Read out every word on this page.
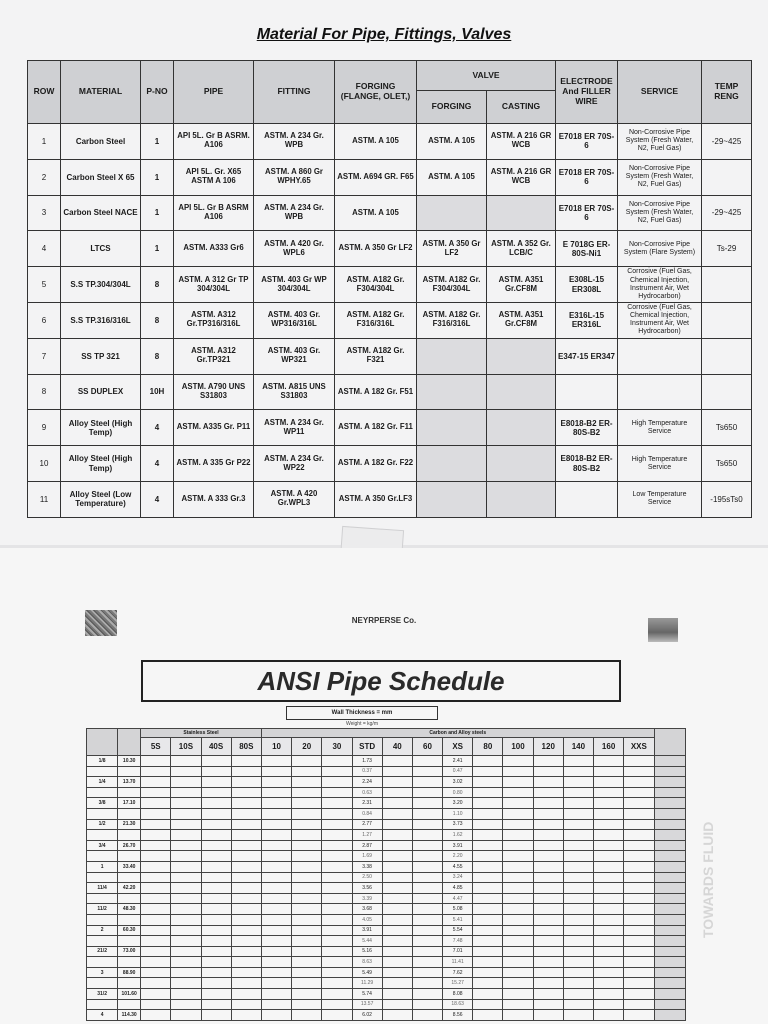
Material For Pipe, Fittings, Valves
ROW	MATERIAL	P-NO	PIPE	FITTING	FORGING (FLANGE, OLET,)	VALVE		ELECTRODE And FILLER WIRE	SERVICE	TEMP RENG
						FORGING	CASTING			
1	Carbon Steel	1	API 5L. Gr B ASRM. A106	ASTM. A 234 Gr. WPB	ASTM. A 105	ASTM. A 105	ASTM. A 216 GR WCB	E7018 ER 70S-6	Non-Corrosive Pipe System (Fresh Water, N2, Fuel Gas)	-29~425
2	Carbon Steel X 65	1	API 5L. Gr. X65 ASTM A 106	ASTM. A 860 Gr WPHY.65	ASTM. A694 GR. F65	ASTM. A 105	ASTM. A 216 GR WCB	E7018 ER 70S-6	Non-Corrosive Pipe System (Fresh Water, N2, Fuel Gas)	
3	Carbon Steel NACE	1	API 5L. Gr B ASRM A106	ASTM. A 234 Gr. WPB	ASTM. A 105			E7018 ER 70S-6	Non-Corrosive Pipe System (Fresh Water, N2, Fuel Gas)	-29~425
4	LTCS	1	ASTM. A333 Gr6	ASTM. A 420 Gr. WPL6	ASTM. A 350 Gr LF2	ASTM. A 350 Gr LF2	ASTM. A 352 Gr. LCB/C	E 7018G ER-80S-Ni1	Non-Corrosive Pipe System (Flare System)	Ts-29
5	S.S TP.304/304L	8	ASTM. A 312 Gr TP 304/304L	ASTM. 403 Gr WP 304/304L	ASTM. A182 Gr. F304/304L	ASTM. A182 Gr. F304/304L	ASTM. A351 Gr.CF8M	E308L-15 ER308L	Corrosive (Fuel Gas, Chemical Injection, Instrument Air, Wet Hydrocarbon)	
6	S.S TP.316/316L	8	ASTM. A312 Gr.TP316/316L	ASTM. 403 Gr. WP316/316L	ASTM. A182 Gr. F316/316L	ASTM. A182 Gr. F316/316L	ASTM. A351 Gr.CF8M	E316L-15 ER316L	Corrosive (Fuel Gas, Chemical Injection, Instrument Air, Wet Hydrocarbon)	
7	SS TP 321	8	ASTM. A312 Gr.TP321	ASTM. 403 Gr. WP321	ASTM. A182 Gr. F321			E347-15 ER347		
8	SS DUPLEX	10H	ASTM. A790 UNS S31803	ASTM. A815 UNS S31803	ASTM. A 182 Gr. F51					
9	Alloy Steel (High Temp)	4	ASTM. A335 Gr. P11	ASTM. A 234 Gr. WP11	ASTM. A 182 Gr. F11			E8018-B2 ER-80S-B2	High Temperature Service	Ts650
10	Alloy Steel (High Temp)	4	ASTM. A 335 Gr P22	ASTM. A 234 Gr. WP22	ASTM. A 182 Gr. F22			E8018-B2 ER-80S-B2	High Temperature Service	Ts650
11	Alloy Steel (Low Temperature)	4	ASTM. A 333 Gr.3	ASTM. A 420 Gr.WPL3	ASTM. A 350 Gr.LF3				Low Temperature Service	-195sTs0
NEYRPERSE Co.
ANSI Pipe Schedule
Wall Thickness = mm
Weight = kg/m
		Stainless Steel				Carbon and Alloy steels													
		5S	10S	40S	80S	10	20	30	STD	40	60	XS	80	100	120	140	160	XXS	
1/8	10.30								1.73			2.41							
									0.37			0.47							
1/4	13.70								2.24			3.02							
									0.63			0.80							
3/8	17.10								2.31			3.20							
									0.84			1.10							
1/2	21.30								2.77			3.73							
									1.27			1.62							
3/4	26.70								2.87			3.91							
									1.69			2.20							
1	33.40								3.38			4.55							
									2.50			3.24							
11/4	42.20								3.56			4.85							
									3.39			4.47							
11/2	48.30								3.68			5.08							
									4.05			5.41							
2	60.30								3.91			5.54							
									5.44			7.48							
21/2	73.00								5.16			7.01							
									8.63			11.41							
3	88.90								5.49			7.62							
									11.29			15.27							
31/2	101.60								5.74			8.08							
									13.57			18.63							
4	114.30								6.02			8.56							
TOWARDS FLUID
